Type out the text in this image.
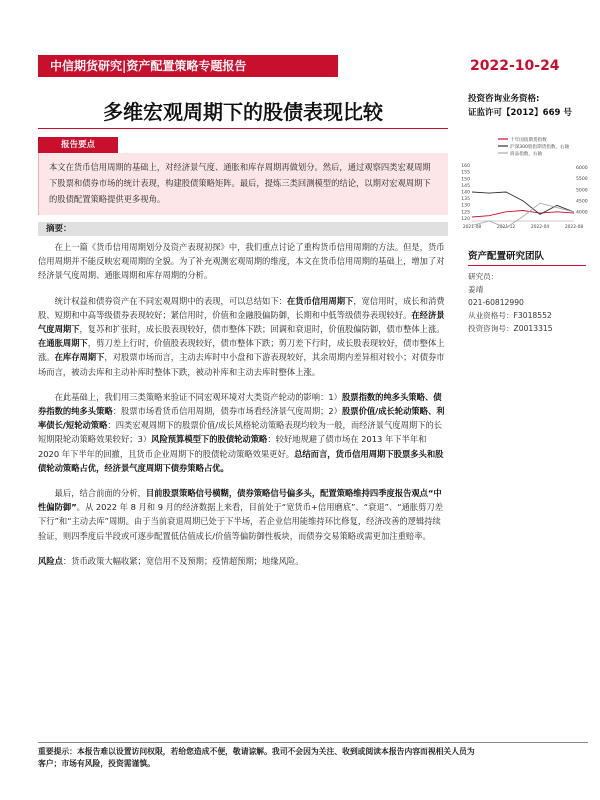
中信期货研究|资产配置策略专题报告	2022-10-24
多维宏观周期下的股债表现比较
投资咨询业务资格:
证监许可【2012】669 号
报告要点
本文在货币信用周期的基础上，对经济景气度、通胀和库存周期再做划分。然后，通过观察四类宏观周期下股票和债券市场的统计表现，构建股债策略矩阵。最后，提炼三类回测模型的结论，以期对宏观周期下的股债配置策略提供更多视角。
摘要：

在上一篇《货币信用周期划分及资产表现初探》中，我们重点讨论了重构货币信用周期的方法。但是，货币信用周期并不能反映宏观周期的全貌。为了补充观测宏观周期的维度，本文在货币信用周期的基础上，增加了对经济景气度周期、通胀周期和库存周期的分析。

统计权益和债券资产在不同宏观周期中的表现，可以总结如下：在货币信用周期下，宽信用时，成长和消费股、短期和中高等级债券表现较好；紧信用时，价值和金融股偏防御，长期和中低等级债券表现较好。在经济景气度周期下，复苏和扩张时，成长股表现较好，债市整体下跌；回调和衰退时，价值股偏防御，债市整体上涨。在通胀周期下，剪刀差上行时，价值股表现较好，债市整体下跌；剪刀差下行时，成长股表现较好，债市整体上涨。在库存周期下，对股票市场而言，主动去库时中小盘和下游表现较好，其余周期内差异相对较小；对债券市场而言，被动去库和主动补库时整体下跌，被动补库和主动去库时整体上涨。

在此基础上，我们用三类策略来验证不同宏观环境对大类资产轮动的影响：1）股票指数的纯多头策略、债券指数的纯多头策略：股票市场看货币信用周期，债券市场看经济景气度周期；2）股票价值/成长轮动策略、利率债长/短轮动策略：四类宏观周期下的股票价值/成长风格轮动策略表现均较为一般，而经济景气度周期下的长短期限轮动策略效果较好；3）风险预算模型下的股债轮动策略：较好地规避了债市场在 2013 年下半年和 2020 年下半年的回撤，且货币企业周期下的股债轮动策略效果更好。总结而言，货币信用周期下股票多头和股债轮动策略占优，经济景气度周期下债券策略占优。

最后，结合前面的分析，目前股票策略信号横糊，债券策略信号偏多头，配置策略维持四季度报告观点“中性偏防御”。从 2022 年 8 月和 9 月的经济数据上来看，目前处于“宽货币+信用磨底”、“衰退”、“通胀剪刀差下行”和“主动去库”周期。由于当前衰退周期已处于下半场，若企业信用能维持环比修复，经济改善的逻辑持续验证，则四季度后半段或可逐步配置低估值成长/价值等偏防御性板块，而债券交易策略或需更加注重赔率。

风险点：货币政策大幅收紧；宽信用不及预期；疫情超预期；地缘风险。

十年国债期货指数
沪深300股指期货指数，右轴
商品指数，右轴
120
125
130
135
140
145
150
155
160
4000
4500
5000
5500
6000
2021-08	2021-12	2022-04	2022-08
资产配置研究团队
研究员：
姜靖
021-60812990
从业资格号：F3018552
投资咨询号：Z0013315
重要提示：本报告难以设置访问权限，若给您造成不便，敬请谅解。我司不会因为关注、收到或阅读本报告内容而视相关人员为
客户；市场有风险，投资需谨慎。
